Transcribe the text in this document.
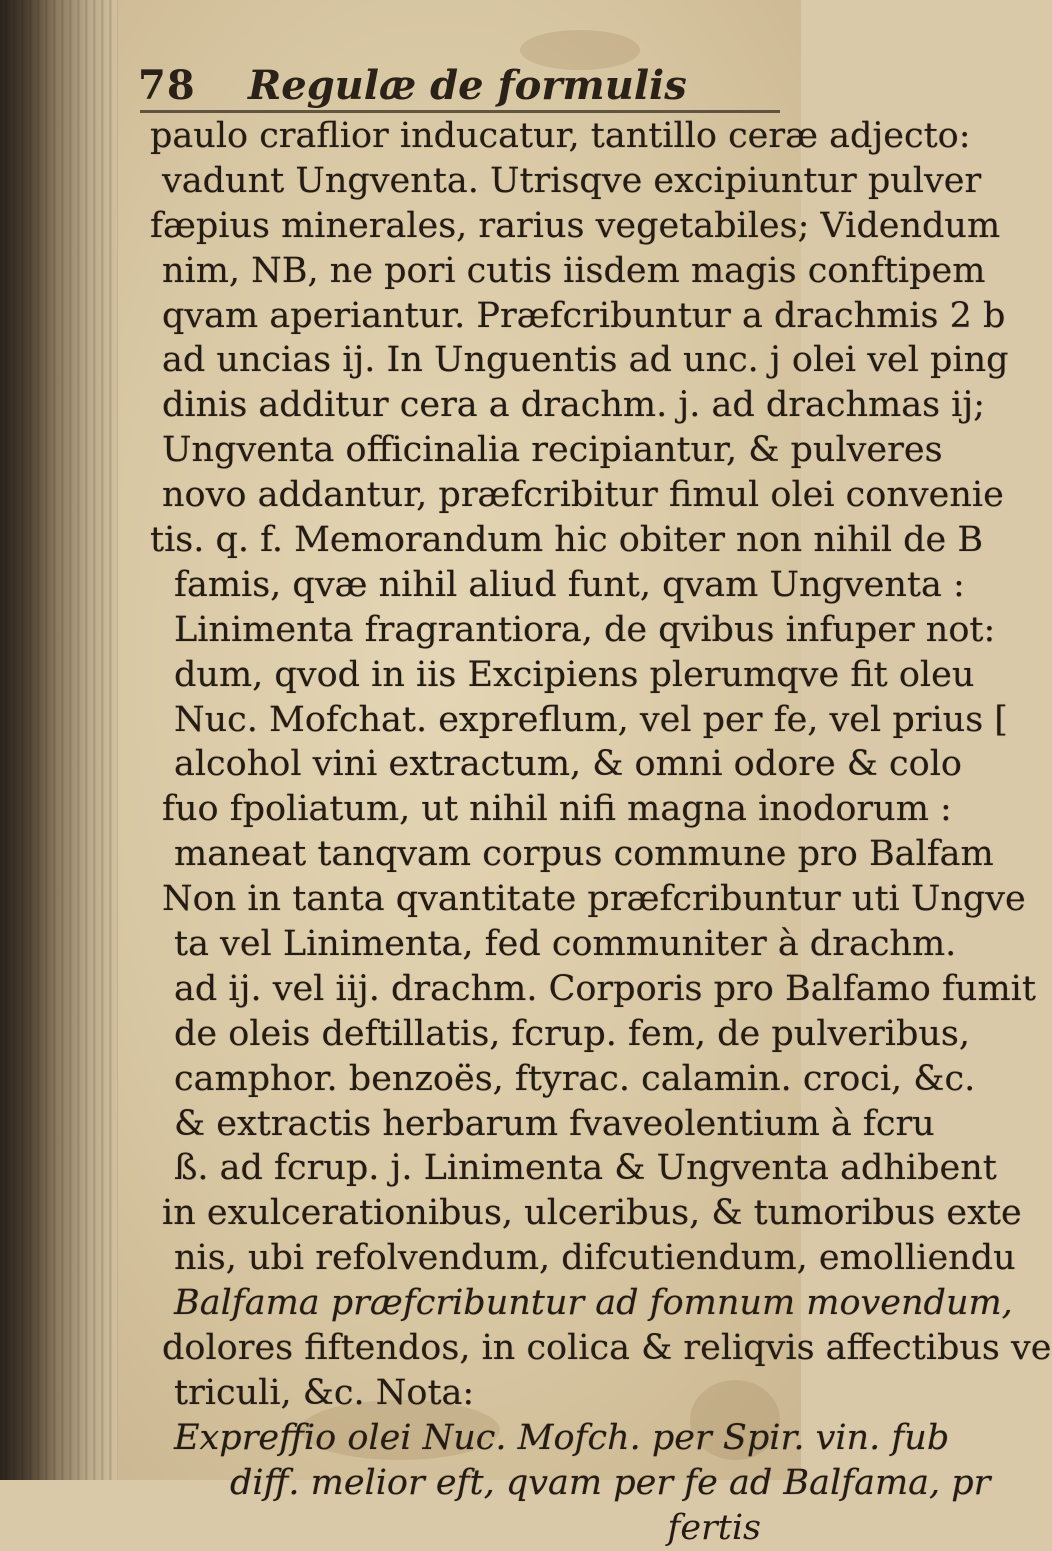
78 Regulæ de formulis
paulo craflior inducatur, tantillo ceræ adjecto:
vadunt Ungventa. Utrisqve excipiuntur pulver
fæpius minerales, rarius vegetabiles; Videndum
nim, NB, ne pori cutis iisdem magis conftipem
qvam aperiantur. Præfcribuntur a drachmis 2 b
ad uncias ij. In Unguentis ad unc. j olei vel ping
dinis additur cera a drachm. j. ad drachmas ij;
Ungventa officinalia recipiantur, & pulveres
novo addantur, præfcribitur fimul olei convenie
tis. q. f. Memorandum hic obiter non nihil de B
famis, qvæ nihil aliud funt, qvam Ungventa :
Linimenta fragrantiora, de qvibus infuper not:
dum, qvod in iis Excipiens plerumqve fit oleu
Nuc. Mofchat. expreflum, vel per fe, vel prius [
alcohol vini extractum, & omni odore & colo
fuo fpoliatum, ut nihil nifi magna inodorum :
maneat tanqvam corpus commune pro Balfam
Non in tanta qvantitate præfcribuntur uti Ungve
ta vel Linimenta, fed communiter à drachm.
ad ij. vel iij. drachm. Corporis pro Balfamo fumit
de oleis deftillatis, fcrup. fem, de pulveribus,
camphor. benzoës, ftyrac. calamin. croci, &c.
& extractis herbarum fvaveolentium à fcru
ß. ad fcrup. j. Linimenta & Ungventa adhibent
in exulcerationibus, ulceribus, & tumoribus exte
nis, ubi refolvendum, difcutiendum, emolliendu
Balfama præfcribuntur ad fomnum movendum,
dolores fiftendos, in colica & reliqvis affectibus ve
triculi, &c. Nota:
Expreffio olei Nuc. Mofch. per Spir. vin. fub
diff. melior eft, qvam per fe ad Balfama, pr
fertis
